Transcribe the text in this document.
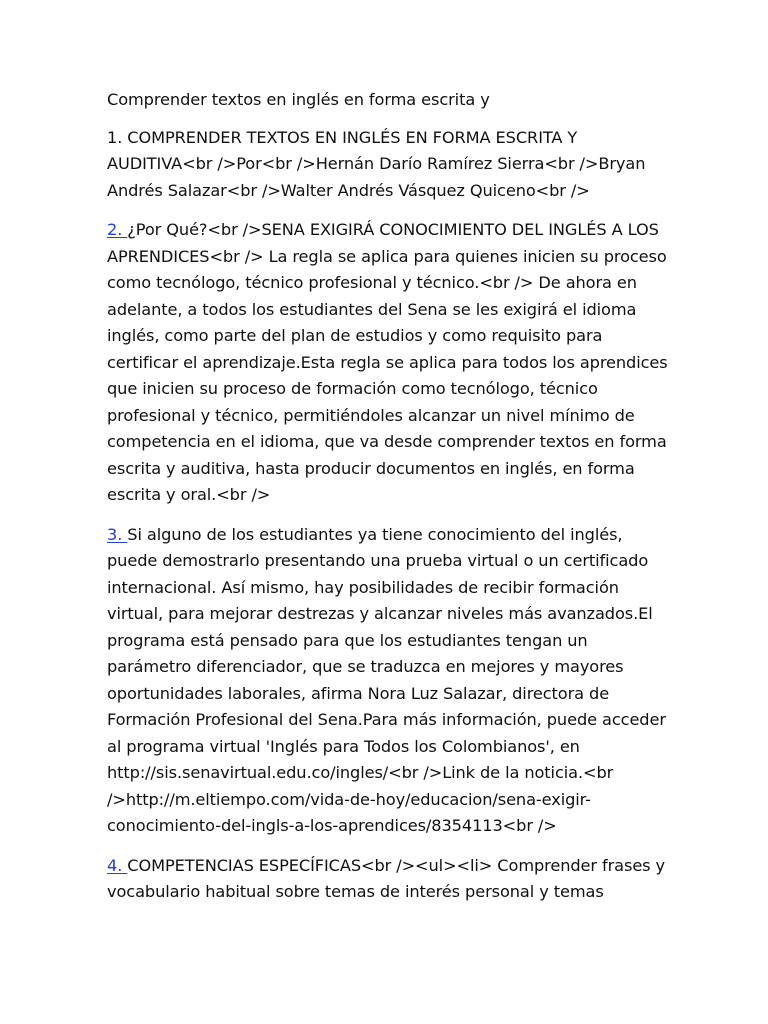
Comprender textos en inglés en forma escrita y

1. COMPRENDER TEXTOS EN INGLÉS EN FORMA ESCRITA Y AUDITIVA<br />Por<br />Hernán Darío Ramírez Sierra<br />Bryan Andrés Salazar<br />Walter Andrés Vásquez Quiceno<br />

2. ¿Por Qué?<br />SENA EXIGIRÁ CONOCIMIENTO DEL INGLÉS A LOS APRENDICES<br /> La regla se aplica para quienes inicien su proceso como tecnólogo, técnico profesional y técnico.<br /> De ahora en adelante, a todos los estudiantes del Sena se les exigirá el idioma inglés, como parte del plan de estudios y como requisito para certificar el aprendizaje.Esta regla se aplica para todos los aprendices que inicien su proceso de formación como tecnólogo, técnico profesional y técnico, permitiéndoles alcanzar un nivel mínimo de competencia en el idioma, que va desde comprender textos en forma escrita y auditiva, hasta producir documentos en inglés, en forma escrita y oral.<br />

3. Si alguno de los estudiantes ya tiene conocimiento del inglés, puede demostrarlo presentando una prueba virtual o un certificado internacional. Así mismo, hay posibilidades de recibir formación virtual, para mejorar destrezas y alcanzar niveles más avanzados.El programa está pensado para que los estudiantes tengan un parámetro diferenciador, que se traduzca en mejores y mayores oportunidades laborales, afirma Nora Luz Salazar, directora de Formación Profesional del Sena.Para más información, puede acceder al programa virtual 'Inglés para Todos los Colombianos', en http://sis.senavirtual.edu.co/ingles/<br />Link de la noticia.<br />http://m.eltiempo.com/vida-de-hoy/educacion/sena-exigir-conocimiento-del-ingls-a-los-aprendices/8354113<br />

4. COMPETENCIAS ESPECÍFICAS<br /><ul><li> Comprender frases y vocabulario habitual sobre temas de interés personal y temas
